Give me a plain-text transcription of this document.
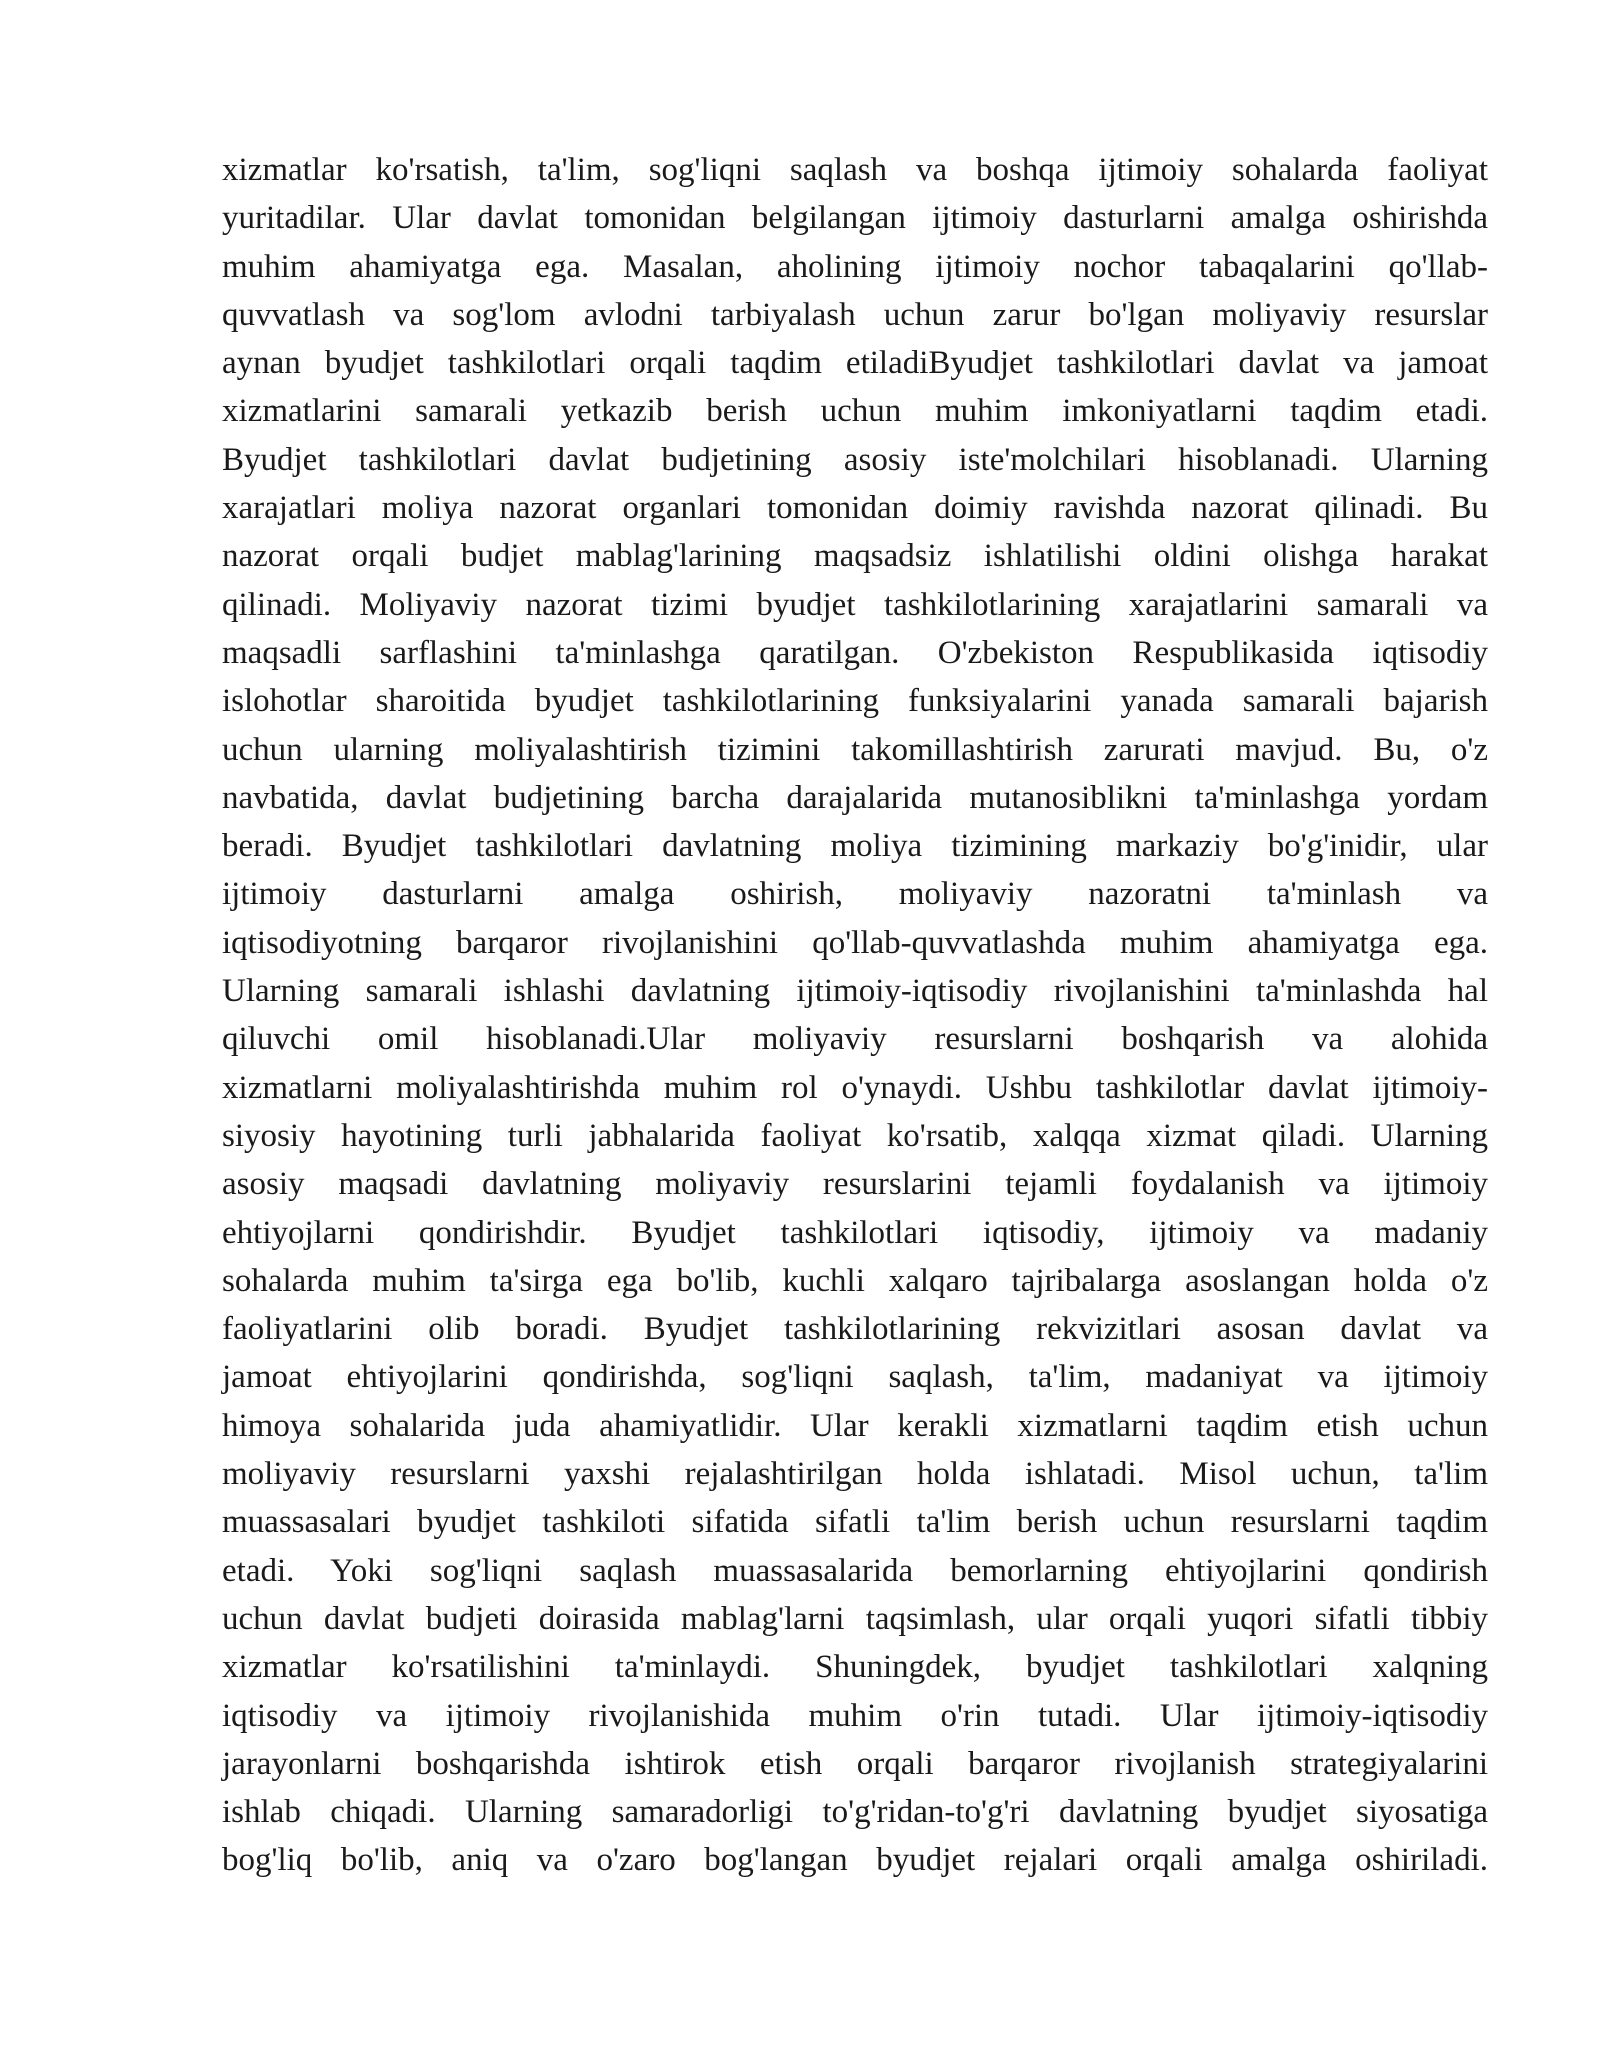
xizmatlar ko'rsatish, ta'lim, sog'liqni saqlash va boshqa ijtimoiy sohalarda faoliyat
yuritadilar. Ular davlat tomonidan belgilangan ijtimoiy dasturlarni amalga oshirishda
muhim ahamiyatga ega. Masalan, aholining ijtimoiy nochor tabaqalarini qo'llab-
quvvatlash va sog'lom avlodni tarbiyalash uchun zarur bo'lgan moliyaviy resurslar
aynan byudjet tashkilotlari orqali taqdim etiladiByudjet tashkilotlari davlat va jamoat
xizmatlarini samarali yetkazib berish uchun muhim imkoniyatlarni taqdim etadi.
Byudjet tashkilotlari davlat budjetining asosiy iste'molchilari hisoblanadi. Ularning
xarajatlari moliya nazorat organlari tomonidan doimiy ravishda nazorat qilinadi. Bu
nazorat orqali budjet mablag'larining maqsadsiz ishlatilishi oldini olishga harakat
qilinadi. Moliyaviy nazorat tizimi byudjet tashkilotlarining xarajatlarini samarali va
maqsadli sarflashini ta'minlashga qaratilgan. O'zbekiston Respublikasida iqtisodiy
islohotlar sharoitida byudjet tashkilotlarining funksiyalarini yanada samarali bajarish
uchun ularning moliyalashtirish tizimini takomillashtirish zarurati mavjud. Bu, o'z
navbatida, davlat budjetining barcha darajalarida mutanosiblikni ta'minlashga yordam
beradi. Byudjet tashkilotlari davlatning moliya tizimining markaziy bo'g'inidir, ular
ijtimoiy dasturlarni amalga oshirish, moliyaviy nazoratni ta'minlash va
iqtisodiyotning barqaror rivojlanishini qo'llab-quvvatlashda muhim ahamiyatga ega.
Ularning samarali ishlashi davlatning ijtimoiy-iqtisodiy rivojlanishini ta'minlashda hal
qiluvchi omil hisoblanadi.Ular moliyaviy resurslarni boshqarish va alohida
xizmatlarni moliyalashtirishda muhim rol o'ynaydi. Ushbu tashkilotlar davlat ijtimoiy-
siyosiy hayotining turli jabhalarida faoliyat ko'rsatib, xalqqa xizmat qiladi. Ularning
asosiy maqsadi davlatning moliyaviy resurslarini tejamli foydalanish va ijtimoiy
ehtiyojlarni qondirishdir. Byudjet tashkilotlari iqtisodiy, ijtimoiy va madaniy
sohalarda muhim ta'sirga ega bo'lib, kuchli xalqaro tajribalarga asoslangan holda o'z
faoliyatlarini olib boradi. Byudjet tashkilotlarining rekvizitlari asosan davlat va
jamoat ehtiyojlarini qondirishda, sog'liqni saqlash, ta'lim, madaniyat va ijtimoiy
himoya sohalarida juda ahamiyatlidir. Ular kerakli xizmatlarni taqdim etish uchun
moliyaviy resurslarni yaxshi rejalashtirilgan holda ishlatadi. Misol uchun, ta'lim
muassasalari byudjet tashkiloti sifatida sifatli ta'lim berish uchun resurslarni taqdim
etadi. Yoki sog'liqni saqlash muassasalarida bemorlarning ehtiyojlarini qondirish
uchun davlat budjeti doirasida mablag'larni taqsimlash, ular orqali yuqori sifatli tibbiy
xizmatlar ko'rsatilishini ta'minlaydi. Shuningdek, byudjet tashkilotlari xalqning
iqtisodiy va ijtimoiy rivojlanishida muhim o'rin tutadi. Ular ijtimoiy-iqtisodiy
jarayonlarni boshqarishda ishtirok etish orqali barqaror rivojlanish strategiyalarini
ishlab chiqadi. Ularning samaradorligi to'g'ridan-to'g'ri davlatning byudjet siyosatiga
bog'liq bo'lib, aniq va o'zaro bog'langan byudjet rejalari orqali amalga oshiriladi.
